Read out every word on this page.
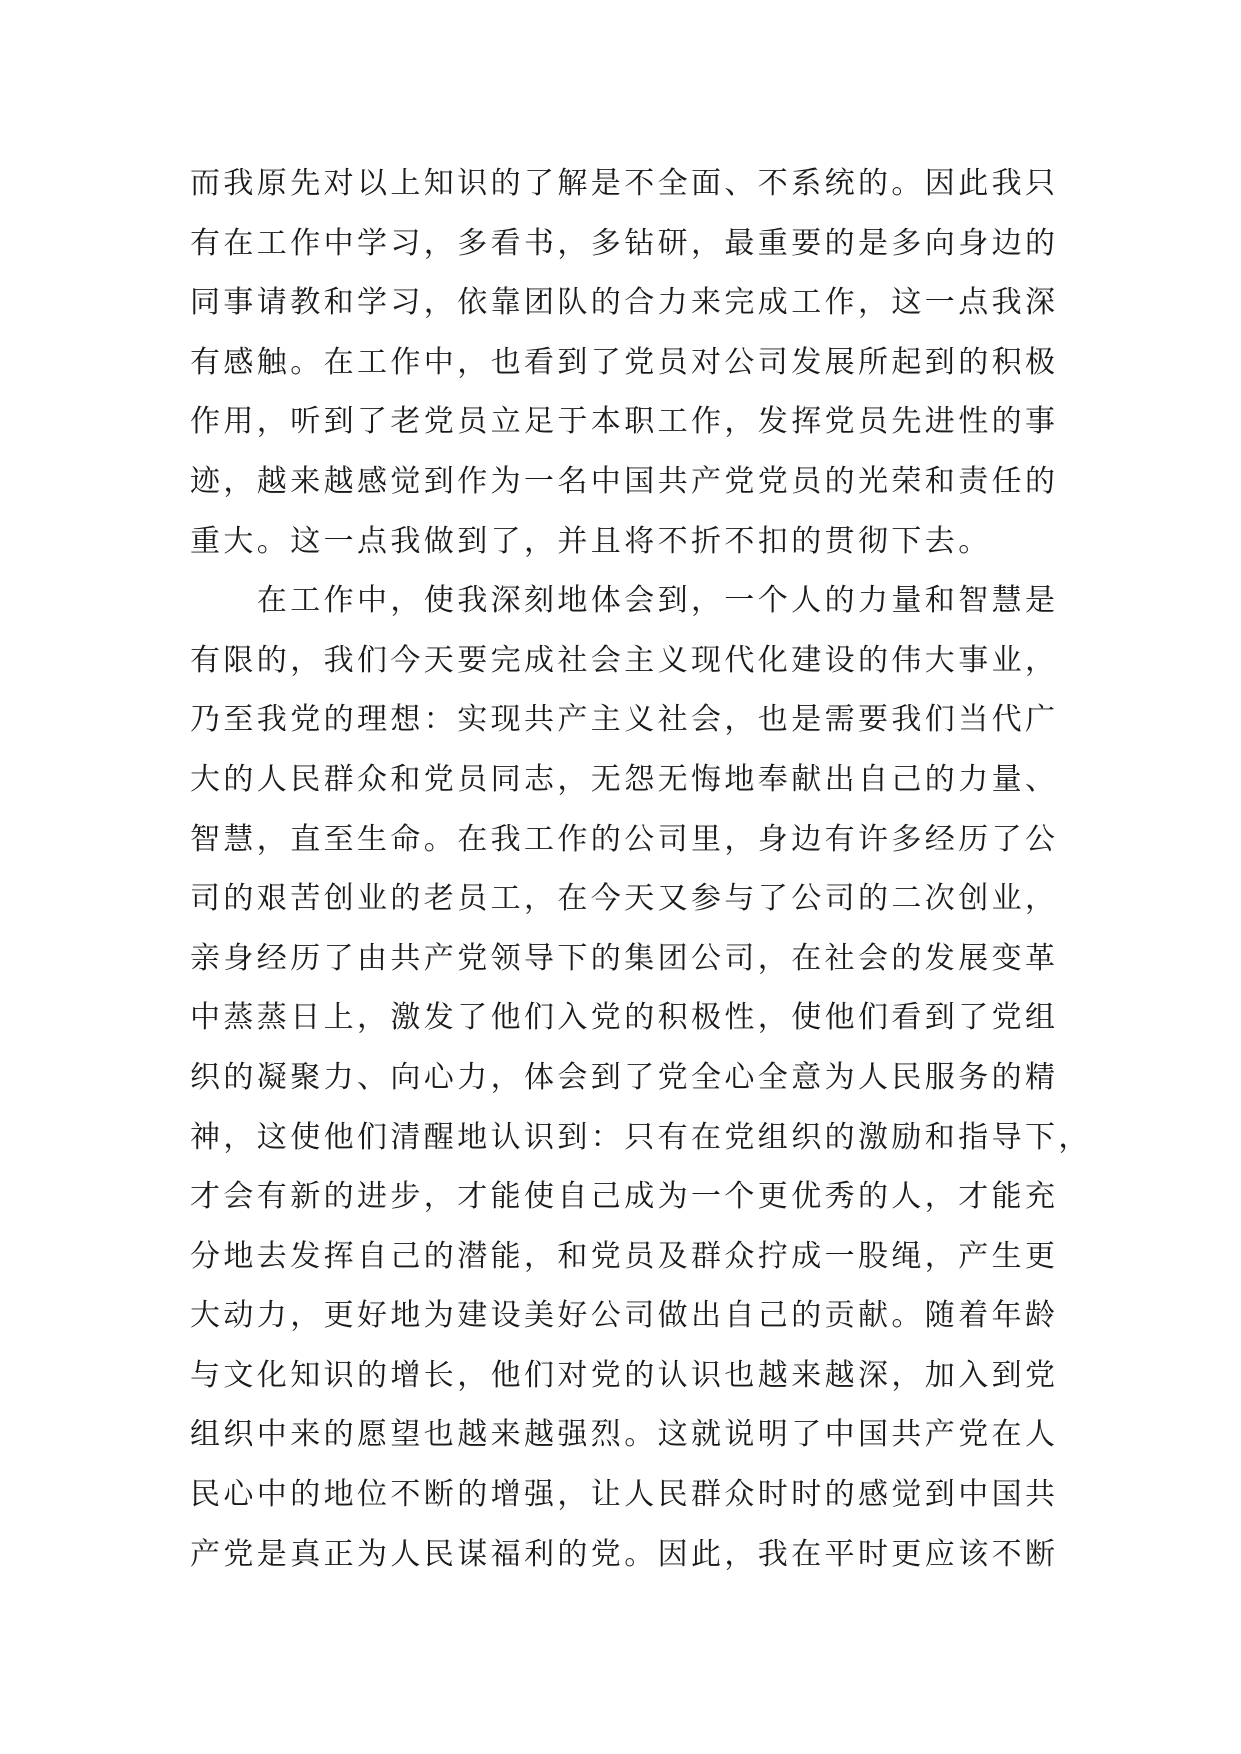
而我原先对以上知识的了解是不全面、不系统的。因此我只
有在工作中学习，多看书，多钻研，最重要的是多向身边的
同事请教和学习，依靠团队的合力来完成工作，这一点我深
有感触。在工作中，也看到了党员对公司发展所起到的积极
作用，听到了老党员立足于本职工作，发挥党员先进性的事
迹，越来越感觉到作为一名中国共产党党员的光荣和责任的
重大。这一点我做到了，并且将不折不扣的贯彻下去。
　　在工作中，使我深刻地体会到，一个人的力量和智慧是
有限的，我们今天要完成社会主义现代化建设的伟大事业，
乃至我党的理想：实现共产主义社会，也是需要我们当代广
大的人民群众和党员同志，无怨无悔地奉献出自己的力量、
智慧，直至生命。在我工作的公司里，身边有许多经历了公
司的艰苦创业的老员工，在今天又参与了公司的二次创业，
亲身经历了由共产党领导下的集团公司，在社会的发展变革
中蒸蒸日上，激发了他们入党的积极性，使他们看到了党组
织的凝聚力、向心力，体会到了党全心全意为人民服务的精
神，这使他们清醒地认识到：只有在党组织的激励和指导下，
才会有新的进步，才能使自己成为一个更优秀的人，才能充
分地去发挥自己的潜能，和党员及群众拧成一股绳，产生更
大动力，更好地为建设美好公司做出自己的贡献。随着年龄
与文化知识的增长，他们对党的认识也越来越深，加入到党
组织中来的愿望也越来越强烈。这就说明了中国共产党在人
民心中的地位不断的增强，让人民群众时时的感觉到中国共
产党是真正为人民谋福利的党。因此，我在平时更应该不断
